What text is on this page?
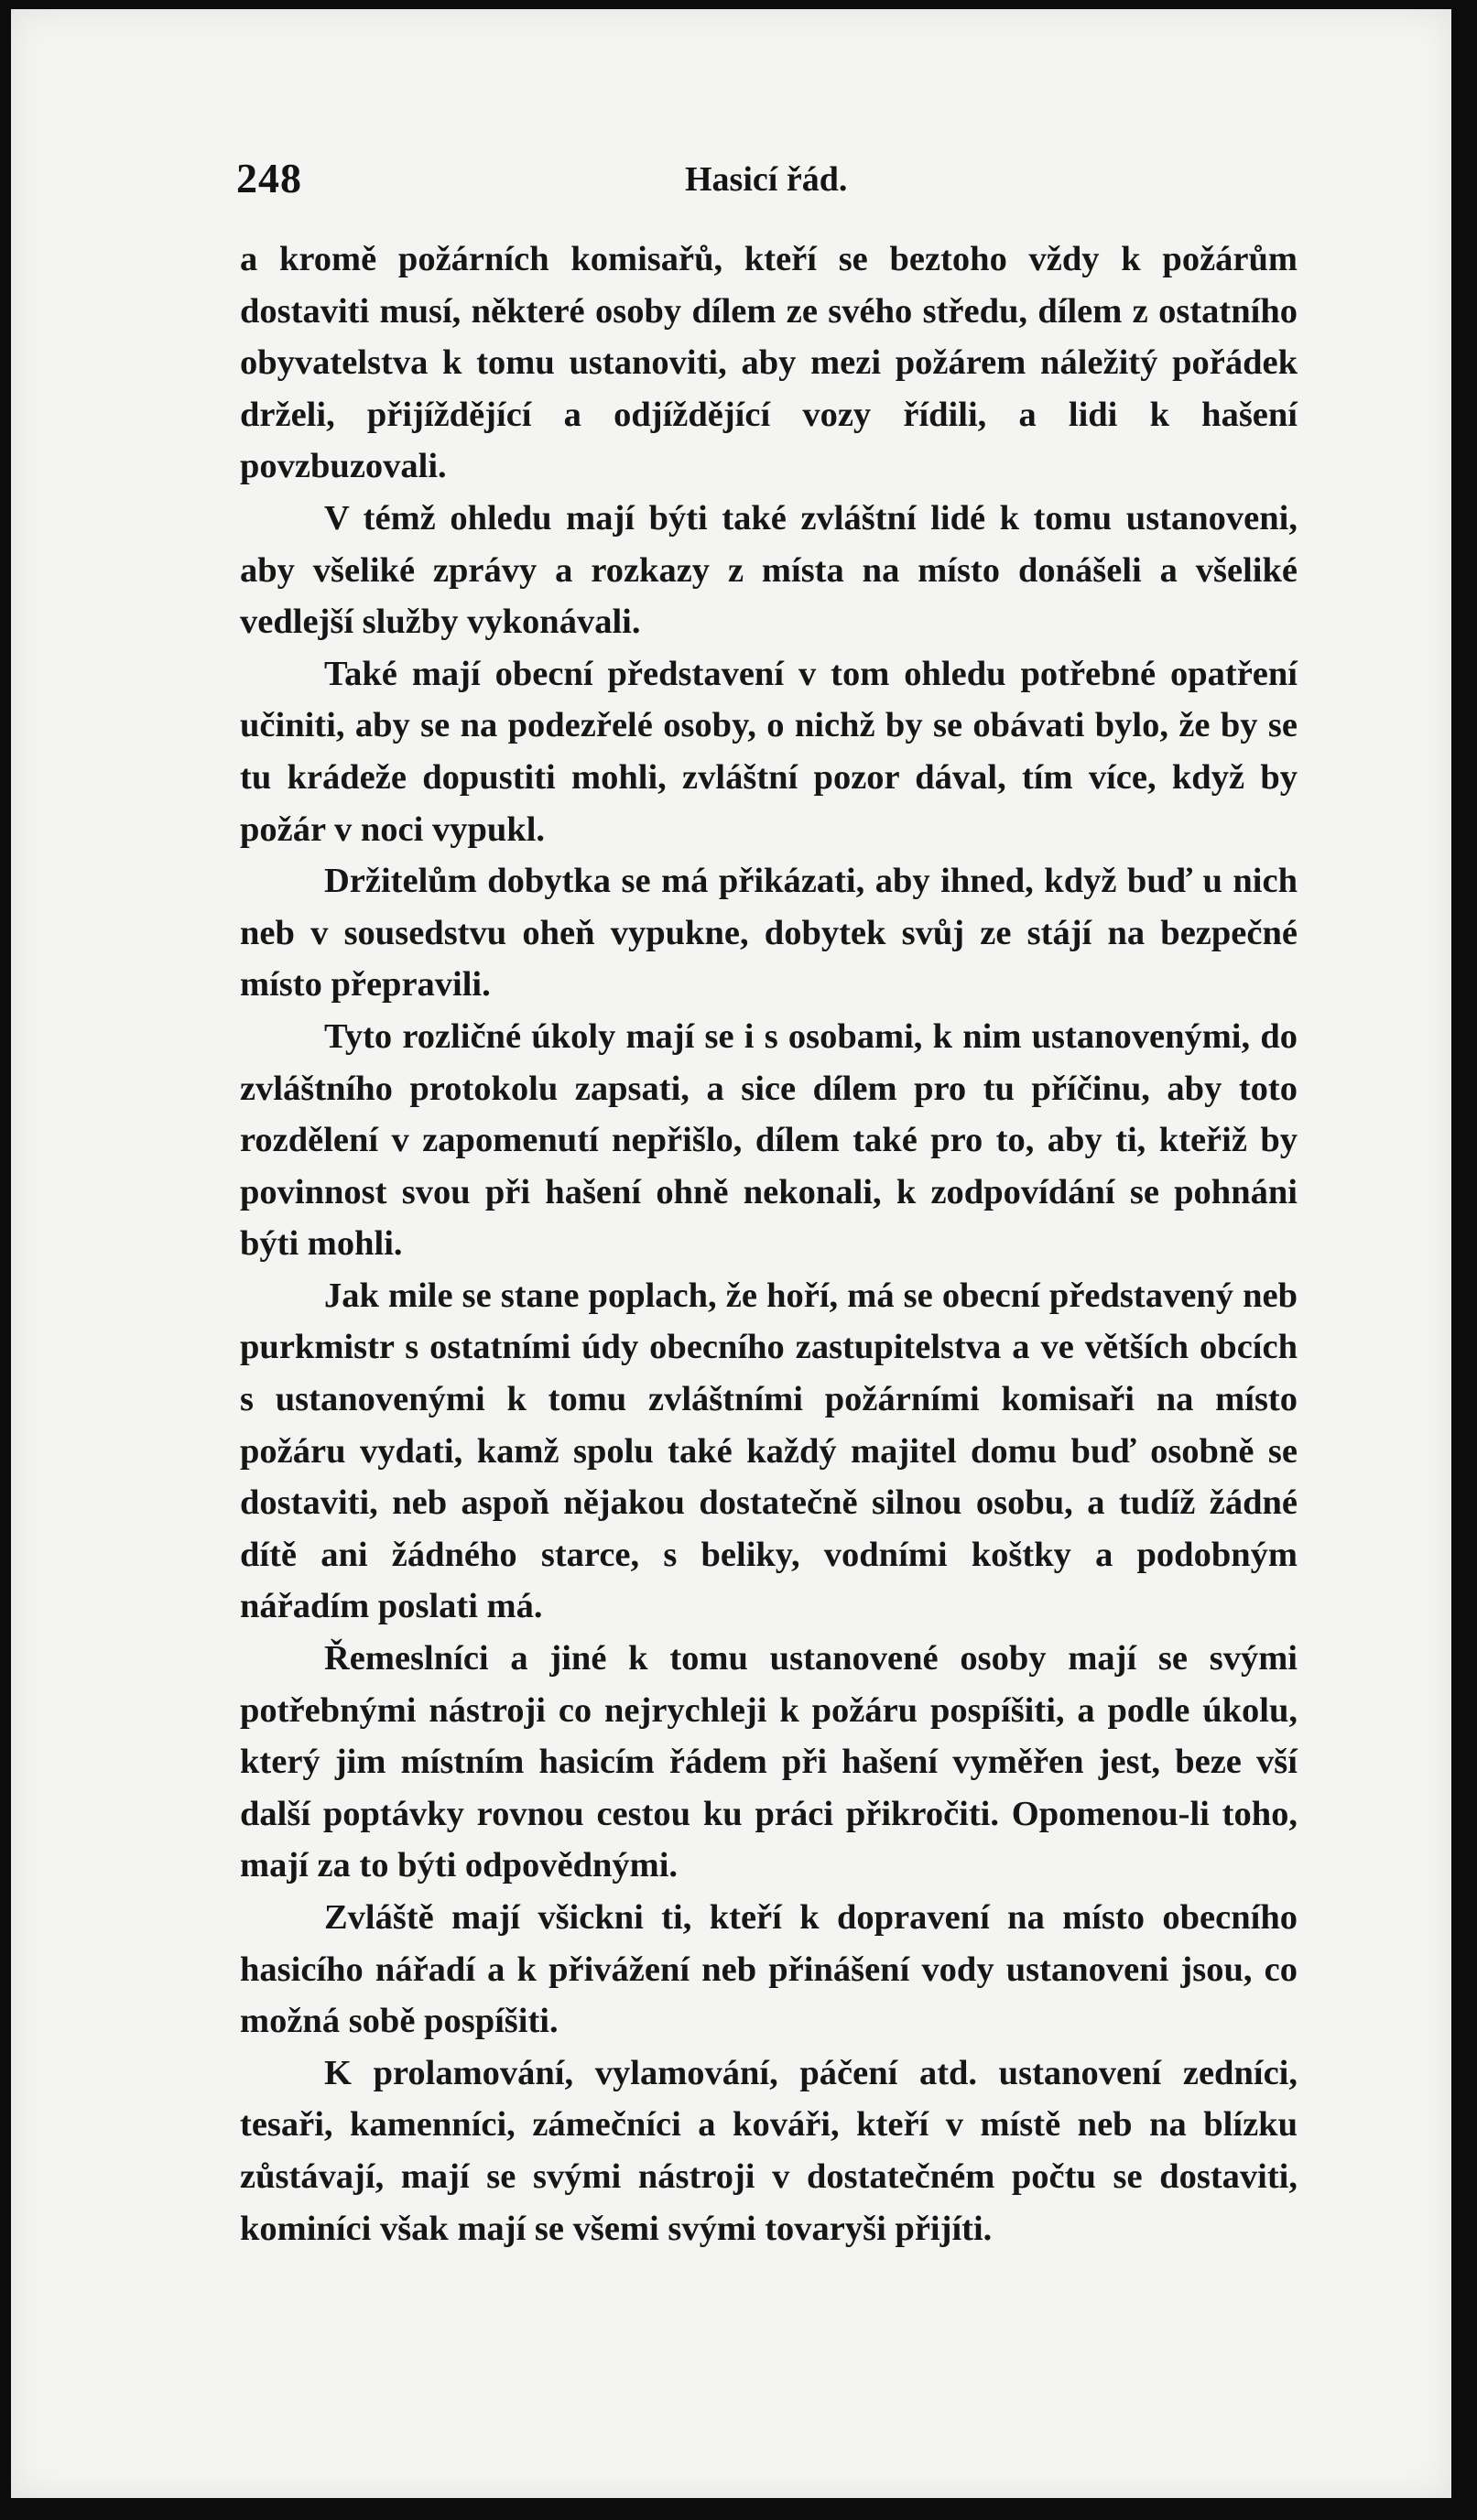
248	Hasicí řád.

a kromě požárních komisařů, kteří se beztoho vždy k požárům dostaviti musí, některé osoby dílem ze svého středu, dílem z ostatního obyvatelstva k tomu ustanoviti, aby mezi požárem náležitý pořádek drželi, přijíždějící a odjíždějící vozy řídili, a lidi k hašení povzbuzovali.

V témž ohledu mají býti také zvláštní lidé k tomu ustanoveni, aby všeliké zprávy a rozkazy z místa na místo donášeli a všeliké vedlejší služby vykonávali.

Také mají obecní představení v tom ohledu potřebné opatření učiniti, aby se na podezřelé osoby, o nichž by se obávati bylo, že by se tu krádeže dopustiti mohli, zvláštní pozor dával, tím více, když by požár v noci vypukl.

Držitelům dobytka se má přikázati, aby ihned, když buď u nich neb v sousedstvu oheň vypukne, dobytek svůj ze stájí na bezpečné místo přepravili.

Tyto rozličné úkoly mají se i s osobami, k nim ustanovenými, do zvláštního protokolu zapsati, a sice dílem pro tu příčinu, aby toto rozdělení v zapomenutí nepřišlo, dílem také pro to, aby ti, kteřiž by povinnost svou při hašení ohně nekonali, k zodpovídání se pohnáni býti mohli.

Jak mile se stane poplach, že hoří, má se obecní představený neb purkmistr s ostatními údy obecního zastupitelstva a ve větších obcích s ustanovenými k tomu zvláštními požárními komisaři na místo požáru vydati, kamž spolu také každý majitel domu buď osobně se dostaviti, neb aspoň nějakou dostatečně silnou osobu, a tudíž žádné dítě ani žádného starce, s beliky, vodními koštky a podobným nářadím poslati má.

Řemeslníci a jiné k tomu ustanovené osoby mají se svými potřebnými nástroji co nejrychleji k požáru pospíšiti, a podle úkolu, který jim místním hasicím řádem při hašení vyměřen jest, beze vší další poptávky rovnou cestou ku práci přikročiti. Opomenou-li toho, mají za to býti odpovědnými.

Zvláště mají všickni ti, kteří k dopravení na místo obecního hasicího nářadí a k přivážení neb přinášení vody ustanoveni jsou, co možná sobě pospíšiti.

K prolamování, vylamování, páčení atd. ustanovení zedníci, tesaři, kamenníci, zámečníci a kováři, kteří v místě neb na blízku zůstávají, mají se svými nástroji v dostatečném počtu se dostaviti, kominíci však mají se všemi svými tovaryši přijíti.
